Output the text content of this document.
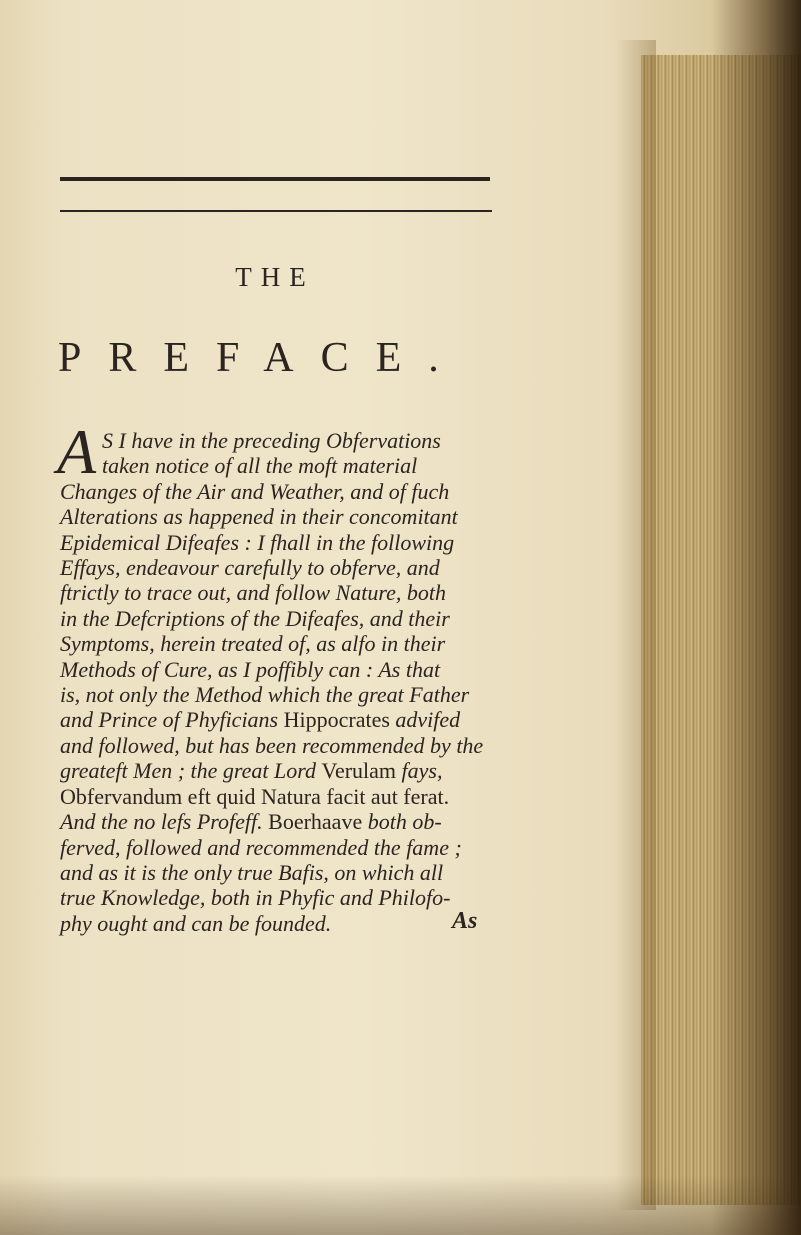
THE
PREFACE.
A S I have in the preceding Obfervations
taken notice of all the moft material
Changes of the Air and Weather, and of fuch
Alterations as happened in their concomitant
Epidemical Difeafes : I fhall in the following
Effays, endeavour carefully to obferve, and
ftrictly to trace out, and follow Nature, both
in the Defcriptions of the Difeafes, and their
Symptoms, herein treated of, as alfo in their
Methods of Cure, as I poffibly can : As that
is, not only the Method which the great Father
and Prince of Phyficians Hippocrates advifed
and followed, but has been recommended by the
greateft Men ; the great Lord Verulam fays,
Obfervandum eft quid Natura facit aut ferat.
And the no lefs Profeff. Boerhaave both ob-
ferved, followed and recommended the fame ;
and as it is the only true Bafis, on which all
true Knowledge, both in Phyfic and Philofo-
phy ought and can be founded.	As
